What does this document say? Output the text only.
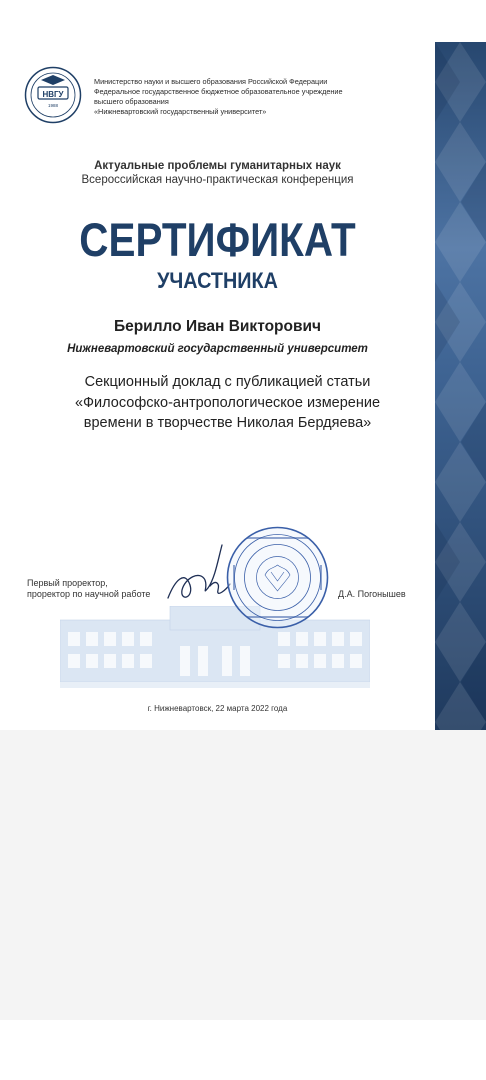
НВГУ
1988
Министерство науки и высшего образования Российской Федерации
Федеральное государственное бюджетное образовательное учреждение
высшего образования
«Нижневартовский государственный университет»
Актуальные проблемы гуманитарных наук
Всероссийская научно-практическая конференция
СЕРТИФИКАТ
УЧАСТНИКА
Берилло Иван Викторович
Нижневартовский государственный университет
Секционный доклад с публикацией статьи
«Философско-антропологическое измерение
времени в творчестве Николая Бердяева»
Первый проректор,
проректор по научной работе	Д.А. Погонышев
г. Нижневартовск, 22 марта 2022 года
